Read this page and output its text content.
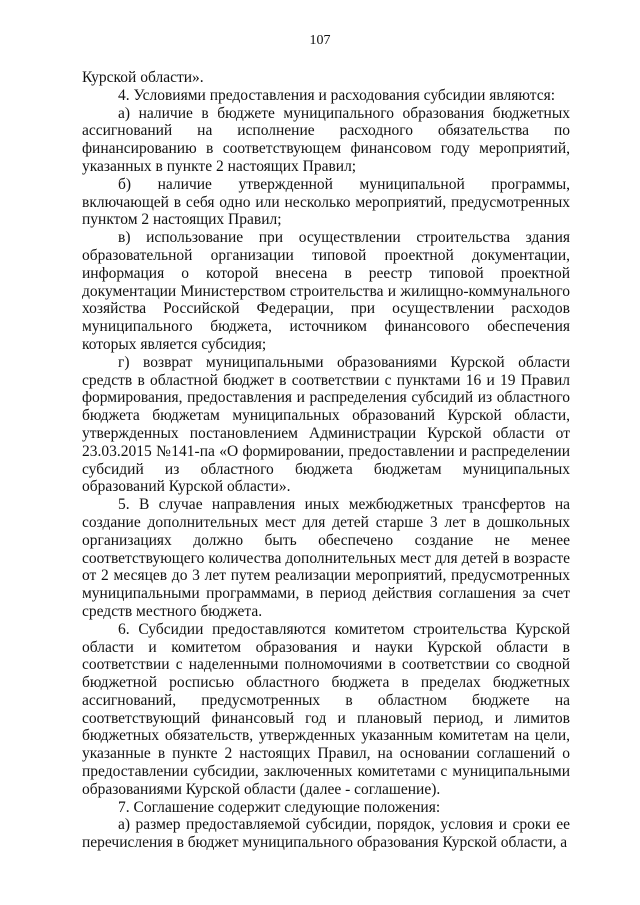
107

Курской области».

4. Условиями предоставления и расходования субсидии являются:

а) наличие в бюджете муниципального образования бюджетных ассигнований на исполнение расходного обязательства по финансированию в соответствующем финансовом году мероприятий, указанных в пункте 2 настоящих Правил;

б) наличие утвержденной муниципальной программы, включающей в себя одно или несколько мероприятий, предусмотренных пунктом 2 настоящих Правил;

в) использование при осуществлении строительства здания образовательной организации типовой проектной документации, информация о которой внесена в реестр типовой проектной документации Министерством строительства и жилищно-коммунального хозяйства Российской Федерации, при осуществлении расходов муниципального бюджета, источником финансового обеспечения которых является субсидия;

г) возврат муниципальными образованиями Курской области средств в областной бюджет в соответствии с пунктами 16 и 19 Правил формирования, предоставления и распределения субсидий из областного бюджета бюджетам муниципальных образований Курской области, утвержденных постановлением Администрации Курской области от 23.03.2015 №141-па «О формировании, предоставлении и распределении субсидий из областного бюджета бюджетам муниципальных образований Курской области».

5. В случае направления иных межбюджетных трансфертов на создание дополнительных мест для детей старше 3 лет в дошкольных организациях должно быть обеспечено создание не менее соответствующего количества дополнительных мест для детей в возрасте от 2 месяцев до 3 лет путем реализации мероприятий, предусмотренных муниципальными программами, в период действия соглашения за счет средств местного бюджета.

6. Субсидии предоставляются комитетом строительства Курской области и комитетом образования и науки Курской области в соответствии с наделенными полномочиями в соответствии со сводной бюджетной росписью областного бюджета в пределах бюджетных ассигнований, предусмотренных в областном бюджете на соответствующий финансовый год и плановый период, и лимитов бюджетных обязательств, утвержденных указанным комитетам на цели, указанные в пункте 2 настоящих Правил, на основании соглашений о предоставлении субсидии, заключенных комитетами с муниципальными образованиями Курской области (далее - соглашение).

7. Соглашение содержит следующие положения:

а) размер предоставляемой субсидии, порядок, условия и сроки ее перечисления в бюджет муниципального образования Курской области, а
